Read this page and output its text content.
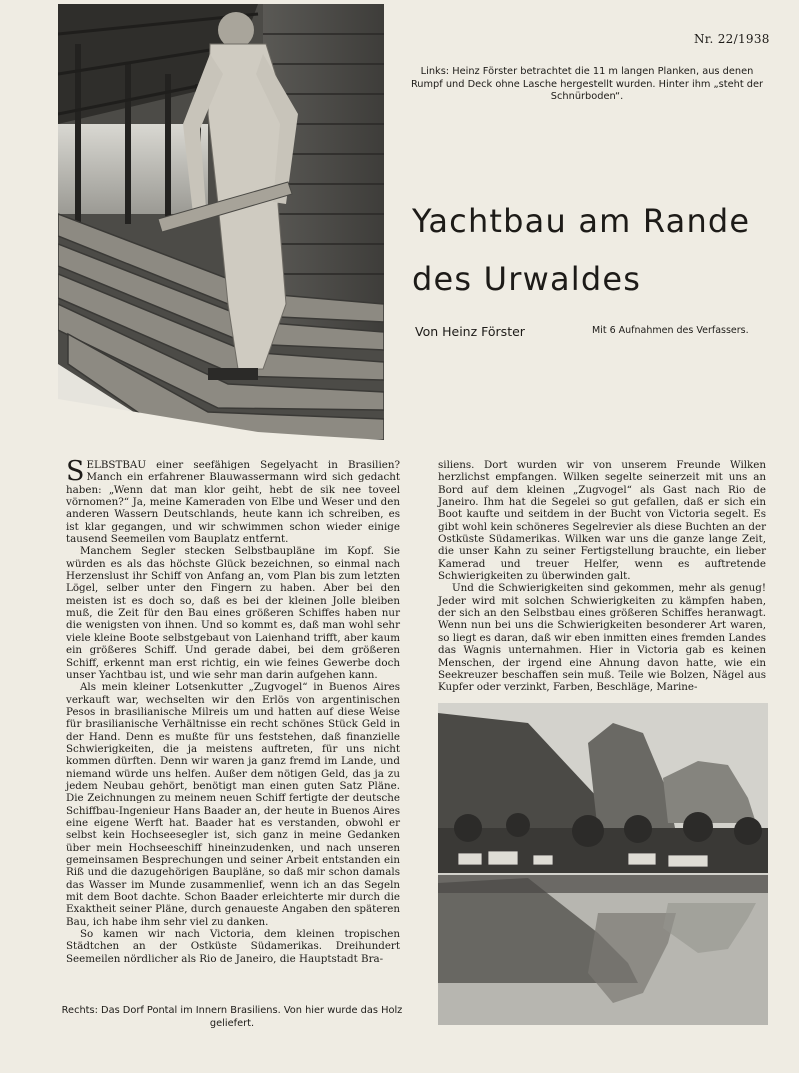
Nr. 22/1938
Links: Heinz Förster betrachtet die 11 m langen Planken, aus denen Rumpf und Deck ohne Lasche hergestellt wurden. Hinter ihm „steht der Schnürboden“.
Yachtbau am Rande
des Urwaldes
Von Heinz Förster	Mit 6 Aufnahmen des Verfassers.

SELBSTBAU einer seefähigen Segelyacht in Brasilien? Manch ein erfahrener Blauwassermann wird sich gedacht haben: „Wenn dat man klor geiht, hebt de sik nee toveel vörnomen?“ Ja, meine Kameraden von Elbe und Weser und den anderen Wassern Deutschlands, heute kann ich schreiben, es ist klar gegangen, und wir schwimmen schon wieder einige tausend Seemeilen vom Bauplatz entfernt.

Manchem Segler stecken Selbstbaupläne im Kopf. Sie würden es als das höchste Glück bezeichnen, so einmal nach Herzenslust ihr Schiff von Anfang an, vom Plan bis zum letzten Lögel, selber unter den Fingern zu haben. Aber bei den meisten ist es doch so, daß es bei der kleinen Jolle bleiben muß, die Zeit für den Bau eines größeren Schiffes haben nur die wenigsten von ihnen. Und so kommt es, daß man wohl sehr viele kleine Boote selbstgebaut von Laienhand trifft, aber kaum ein größeres Schiff. Und gerade dabei, bei dem größeren Schiff, erkennt man erst richtig, ein wie feines Gewerbe doch unser Yachtbau ist, und wie sehr man darin aufgehen kann.

Als mein kleiner Lotsenkutter „Zugvogel“ in Buenos Aires verkauft war, wechselten wir den Erlös von argentinischen Pesos in brasilianische Milreis um und hatten auf diese Weise für brasilianische Verhältnisse ein recht schönes Stück Geld in der Hand. Denn es mußte für uns feststehen, daß finanzielle Schwierigkeiten, die ja meistens auftreten, für uns nicht kommen dürften. Denn wir waren ja ganz fremd im Lande, und niemand würde uns helfen. Außer dem nötigen Geld, das ja zu jedem Neubau gehört, benötigt man einen guten Satz Pläne. Die Zeichnungen zu meinem neuen Schiff fertigte der deutsche Schiffbau-Ingenieur Hans Baader an, der heute in Buenos Aires eine eigene Werft hat. Baader hat es verstanden, obwohl er selbst kein Hochseesegler ist, sich ganz in meine Gedanken über mein Hochseeschiff hineinzudenken, und nach unseren gemeinsamen Besprechungen und seiner Arbeit entstanden ein Riß und die dazugehörigen Baupläne, so daß mir schon damals das Wasser im Munde zusammenlief, wenn ich an das Segeln mit dem Boot dachte. Schon Baader erleichterte mir durch die Exaktheit seiner Pläne, durch genaueste Angaben den späteren Bau, ich habe ihm sehr viel zu danken.

So kamen wir nach Victoria, dem kleinen tropischen Städtchen an der Ostküste Südamerikas. Dreihundert Seemeilen nördlicher als Rio de Janeiro, die Hauptstadt Bra-

siliens. Dort wurden wir von unserem Freunde Wilken herzlichst empfangen. Wilken segelte seinerzeit mit uns an Bord auf dem kleinen „Zugvogel“ als Gast nach Rio de Janeiro. Ihm hat die Segelei so gut gefallen, daß er sich ein Boot kaufte und seitdem in der Bucht von Victoria segelt. Es gibt wohl kein schöneres Segelrevier als diese Buchten an der Ostküste Südamerikas. Wilken war uns die ganze lange Zeit, die unser Kahn zu seiner Fertigstellung brauchte, ein lieber Kamerad und treuer Helfer, wenn es auftretende Schwierigkeiten zu überwinden galt.

Und die Schwierigkeiten sind gekommen, mehr als genug! Jeder wird mit solchen Schwierigkeiten zu kämpfen haben, der sich an den Selbstbau eines größeren Schiffes heranwagt. Wenn nun bei uns die Schwierigkeiten besonderer Art waren, so liegt es daran, daß wir eben inmitten eines fremden Landes das Wagnis unternahmen. Hier in Victoria gab es keinen Menschen, der irgend eine Ahnung davon hatte, wie ein Seekreuzer beschaffen sein muß. Teile wie Bolzen, Nägel aus Kupfer oder verzinkt, Farben, Beschläge, Marine-

Rechts: Das Dorf Pontal im Innern Brasiliens. Von hier wurde das Holz geliefert.
